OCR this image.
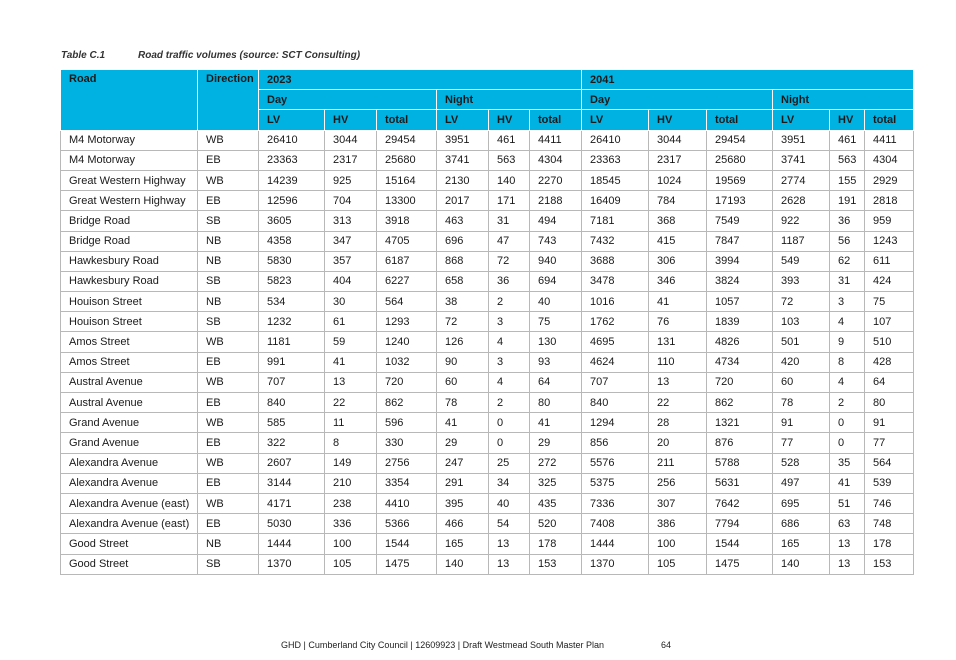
Table C.1	Road traffic volumes (source: SCT Consulting)
Road	Direction	2023						2041					
		Day			Night			Day			Night		
		LV	HV	total	LV	HV	total	LV	HV	total	LV	HV	total
M4 Motorway	WB	26410	3044	29454	3951	461	4411	26410	3044	29454	3951	461	4411
M4 Motorway	EB	23363	2317	25680	3741	563	4304	23363	2317	25680	3741	563	4304
Great Western Highway	WB	14239	925	15164	2130	140	2270	18545	1024	19569	2774	155	2929
Great Western Highway	EB	12596	704	13300	2017	171	2188	16409	784	17193	2628	191	2818
Bridge Road	SB	3605	313	3918	463	31	494	7181	368	7549	922	36	959
Bridge Road	NB	4358	347	4705	696	47	743	7432	415	7847	1187	56	1243
Hawkesbury Road	NB	5830	357	6187	868	72	940	3688	306	3994	549	62	611
Hawkesbury Road	SB	5823	404	6227	658	36	694	3478	346	3824	393	31	424
Houison Street	NB	534	30	564	38	2	40	1016	41	1057	72	3	75
Houison Street	SB	1232	61	1293	72	3	75	1762	76	1839	103	4	107
Amos Street	WB	1181	59	1240	126	4	130	4695	131	4826	501	9	510
Amos Street	EB	991	41	1032	90	3	93	4624	110	4734	420	8	428
Austral Avenue	WB	707	13	720	60	4	64	707	13	720	60	4	64
Austral Avenue	EB	840	22	862	78	2	80	840	22	862	78	2	80
Grand Avenue	WB	585	11	596	41	0	41	1294	28	1321	91	0	91
Grand Avenue	EB	322	8	330	29	0	29	856	20	876	77	0	77
Alexandra Avenue	WB	2607	149	2756	247	25	272	5576	211	5788	528	35	564
Alexandra Avenue	EB	3144	210	3354	291	34	325	5375	256	5631	497	41	539
Alexandra Avenue (east)	WB	4171	238	4410	395	40	435	7336	307	7642	695	51	746
Alexandra Avenue (east)	EB	5030	336	5366	466	54	520	7408	386	7794	686	63	748
Good Street	NB	1444	100	1544	165	13	178	1444	100	1544	165	13	178
Good Street	SB	1370	105	1475	140	13	153	1370	105	1475	140	13	153
GHD | Cumberland City Council | 12609923 | Draft Westmead South Master Plan	64
